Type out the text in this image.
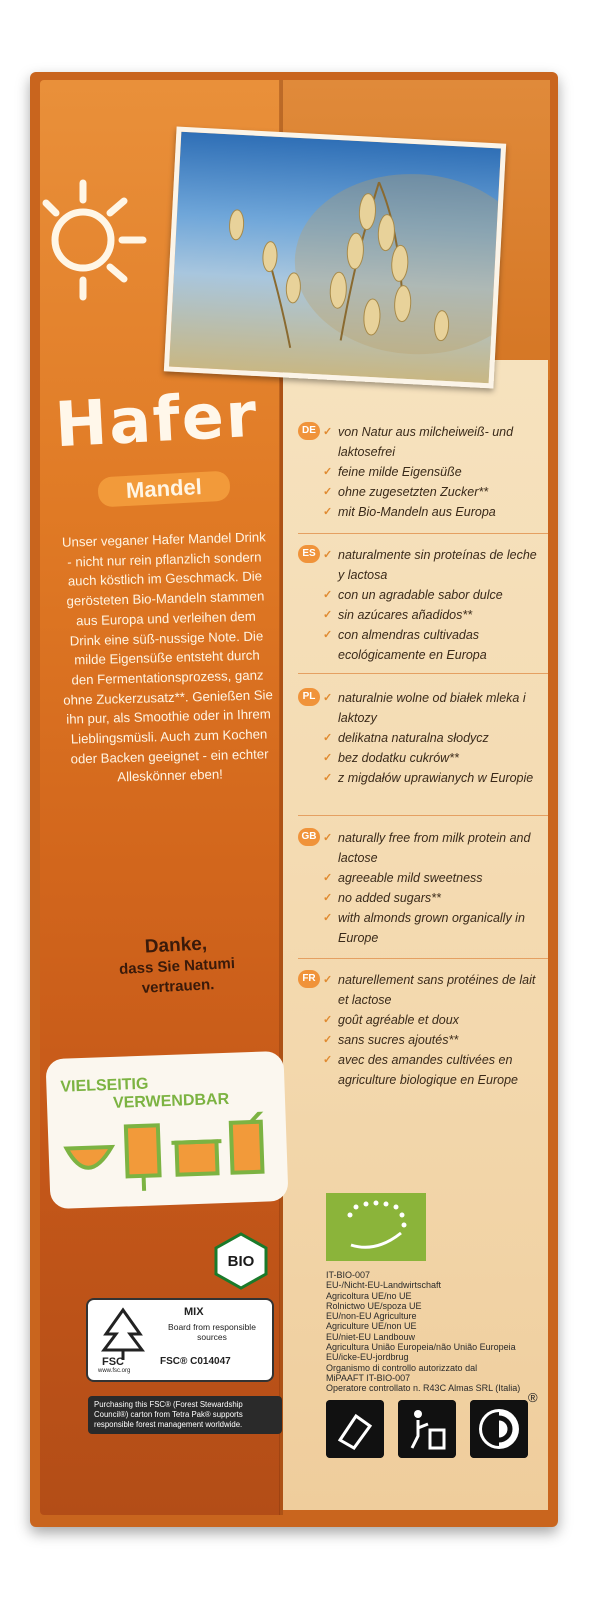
Hafer
Mandel
Unser veganer Hafer Mandel Drink - nicht nur rein pflanzlich sondern auch köstlich im Geschmack. Die gerösteten Bio-Mandeln stammen aus Europa und verleihen dem Drink eine süß-nussige Note. Die milde Eigensüße entsteht durch den Fermentationsprozess, ganz ohne Zuckerzusatz**. Genießen Sie ihn pur, als Smoothie oder in Ihrem Lieblingsmüsli. Auch zum Kochen oder Backen geeignet - ein echter Alleskönner eben!
Danke,
dass Sie Natumi
vertrauen.
VIELSEITIG
VERWENDBAR
BIO
FSC
www.fsc.org
MIX
Board from responsible sources
FSC® C014047
Purchasing this FSC® (Forest Stewardship Council®) carton from Tetra Pak® supports responsible forest management worldwide.
DE	✓ von Natur aus milcheiweiß- und laktosefrei
✓ feine milde Eigensüße
✓ ohne zugesetzten Zucker**
✓ mit Bio-Mandeln aus Europa
ES	✓ naturalmente sin proteínas de leche y lactosa
✓ con un agradable sabor dulce
✓ sin azúcares añadidos**
✓ con almendras cultivadas ecológicamente en Europa
PL	✓ naturalnie wolne od białek mleka i laktozy
✓ delikatna naturalna słodycz
✓ bez dodatku cukrów**
✓ z migdałów uprawianych w Europie
GB	✓ naturally free from milk protein and lactose
✓ agreeable mild sweetness
✓ no added sugars**
✓ with almonds grown organically in Europe
FR	✓ naturellement sans protéines de lait et lactose
✓ goût agréable et doux
✓ sans sucres ajoutés**
✓ avec des amandes cultivées en agriculture biologique en Europe
IT-BIO-007
EU-/Nicht-EU-Landwirtschaft
Agricoltura UE/no UE
Rolnictwo UE/spoza UE
EU/non-EU Agriculture
Agriculture UE/non UE
EU/niet-EU Landbouw
Agricultura União Europeia/não União Europeia
EU/icke-EU-jordbrug
Organismo di controllo autorizzato dal
MiPAAFT IT-BIO-007
Operatore controllato n. R43C Almas SRL (Italia)
®
